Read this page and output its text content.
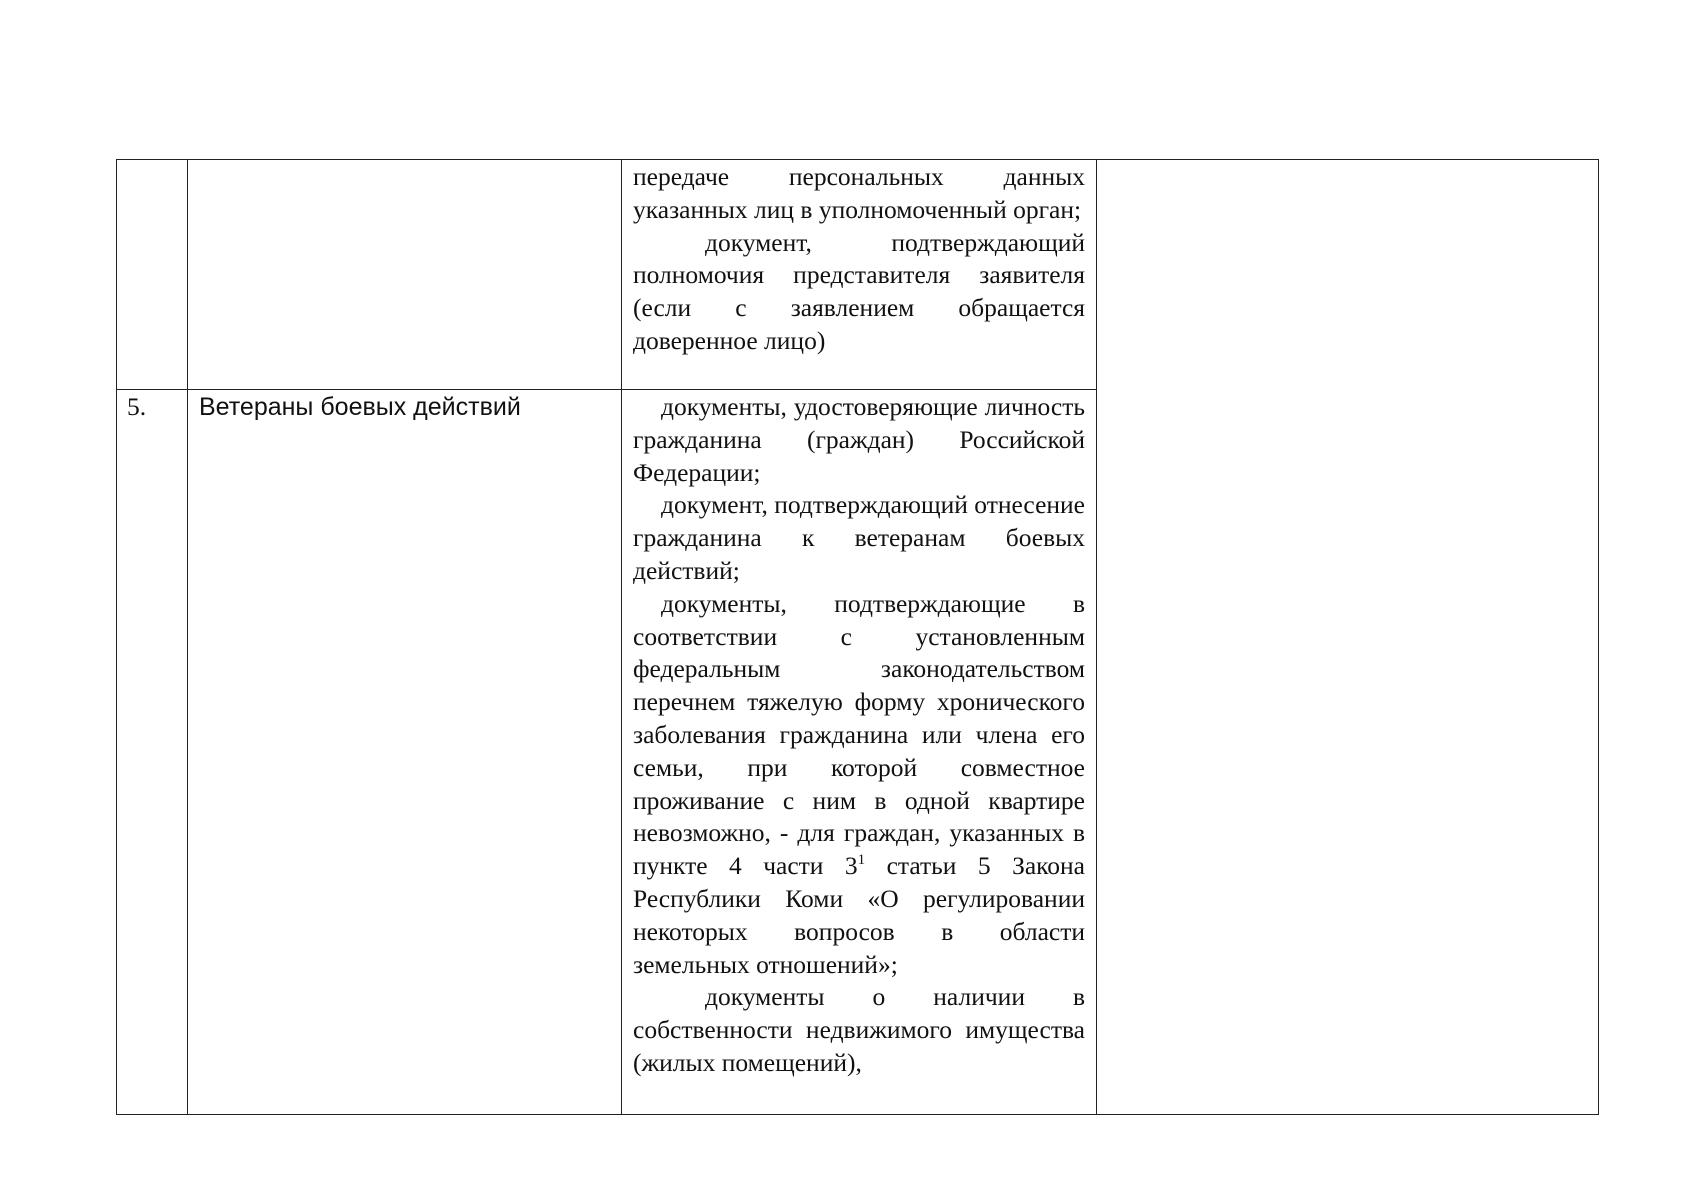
		передаче персональных данных указанных лиц в уполномоченный орган;

документ, подтверждающий полномочия представителя заявителя (если с заявлением обращается доверенное лицо)	

5.	Ветераны боевых действий	документы, удостоверяющие личность гражданина (граждан) Российской Федерации;

документ, подтверждающий отнесение гражданина к ветеранам боевых действий;

документы, подтверждающие в соответствии с установленным федеральным законодательством перечнем тяжелую форму хронического заболевания гражданина или члена его семьи, при которой совместное проживание с ним в одной квартире невозможно, - для граждан, указанных в пункте 4 части $3^1$ статьи 5 Закона Республики Коми «О регулировании некоторых вопросов в области земельных отношений»;

документы о наличии в собственности недвижимого имущества (жилых помещений),	
